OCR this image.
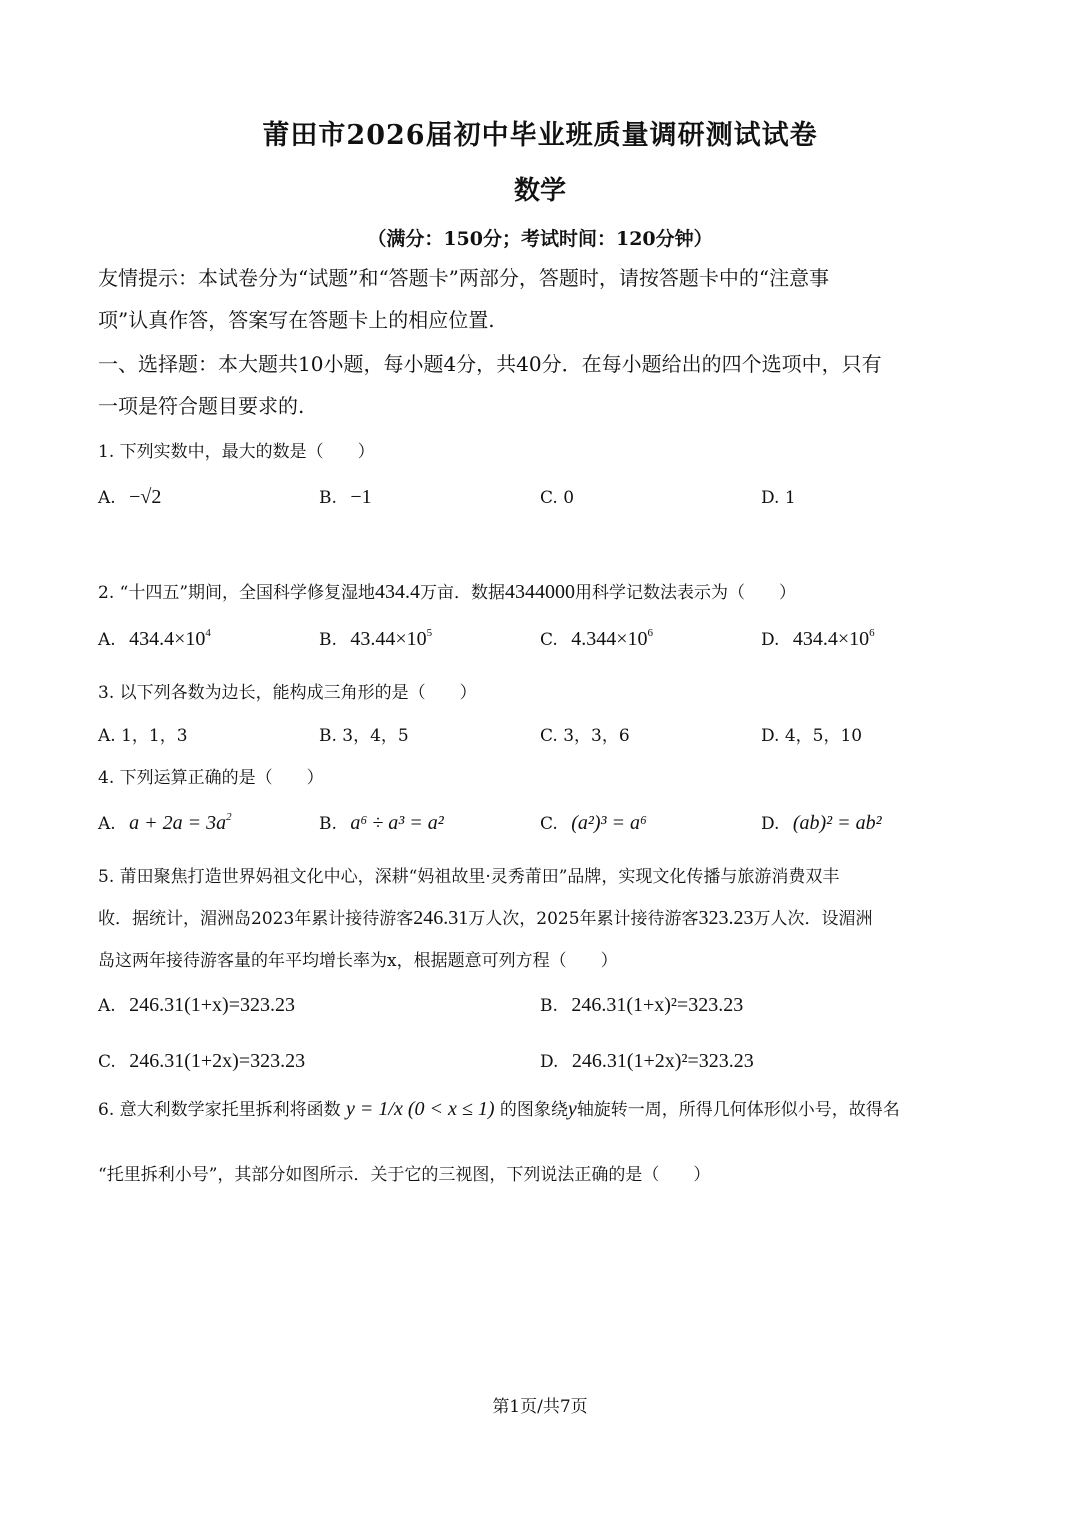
莆田市2026届初中毕业班质量调研测试试卷
数学
（满分：150分；考试时间：120分钟）
友情提示：本试卷分为“试题”和“答题卡”两部分，答题时，请按答题卡中的“注意事
项”认真作答，答案写在答题卡上的相应位置.
一、选择题：本大题共10小题，每小题4分，共40分．在每小题给出的四个选项中，只有
一项是符合题目要求的.
1. 下列实数中，最大的数是（　　）
A. −√2	B. −1	C. 0	D. 1
2. “十四五”期间，全国科学修复湿地434.4万亩．数据4344000用科学记数法表示为（　　）
A. $434.4\times 10^4$	B. $43.44\times 10^5$	C. $4.344\times 10^6$	D. $434.4\times 10^6$
3. 以下列各数为边长，能构成三角形的是（　　）
A. 1，1，3	B. 3，4，5	C. 3，3，6	D. 4，5，10
4. 下列运算正确的是（　　）
A. $a + 2a = 3a^2$	B. a⁶ ÷ a³ = a²	C. (a²)³ = a⁶	D. (ab)² = ab²
5. 莆田聚焦打造世界妈祖文化中心，深耕“妈祖故里·灵秀莆田”品牌，实现文化传播与旅游消费双丰
收．据统计，湄洲岛2023年累计接待游客246.31万人次，2025年累计接待游客323.23万人次．设湄洲
岛这两年接待游客量的年平均增长率为x，根据题意可列方程（　　）
A. 246.31(1+x)=323.23	B. 246.31(1+x)²=323.23
C. 246.31(1+2x)=323.23	D. 246.31(1+2x)²=323.23
6. 意大利数学家托里拆利将函数 y = 1/x (0 < x ≤ 1) 的图象绕y轴旋转一周，所得几何体形似小号，故得名
“托里拆利小号”，其部分如图所示．关于它的三视图，下列说法正确的是（　　）
第1页/共7页
